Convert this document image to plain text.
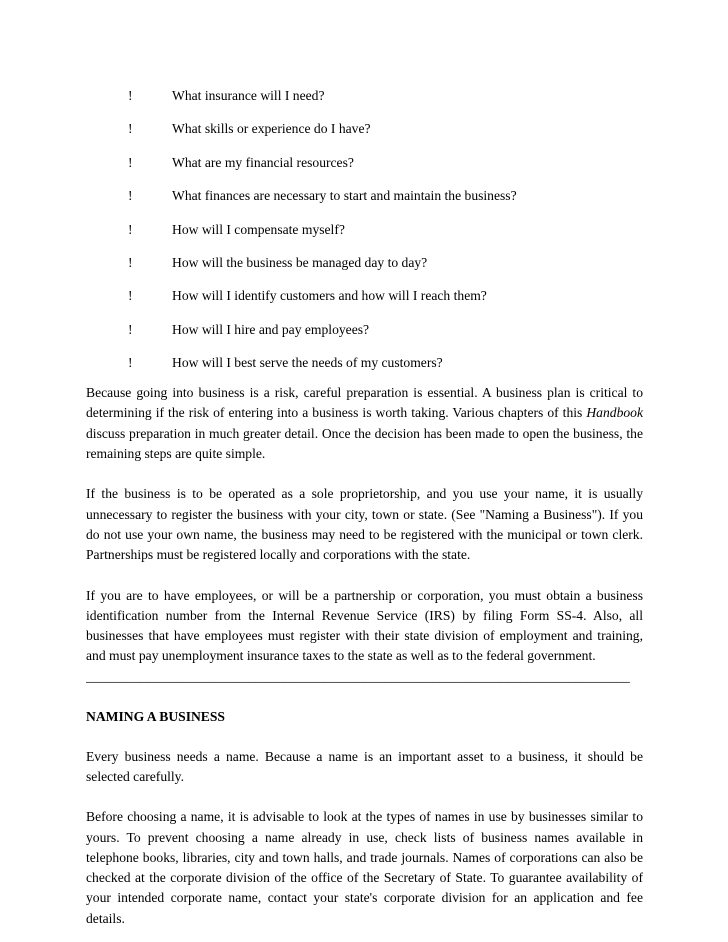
!	What insurance will I need?
!	What skills or experience do I have?
!	What are my financial resources?
!	What finances are necessary to start and maintain the business?
!	How will I compensate myself?
!	How will the business be managed day to day?
!	How will I identify customers and how will I reach them?
!	How will I hire and pay employees?
!	How will I best serve the needs of my customers?

Because going into business is a risk, careful preparation is essential. A business plan is critical to determining if the risk of entering into a business is worth taking. Various chapters of this Handbook discuss preparation in much greater detail. Once the decision has been made to open the business, the remaining steps are quite simple.

If the business is to be operated as a sole proprietorship, and you use your name, it is usually unnecessary to register the business with your city, town or state. (See "Naming a Business"). If you do not use your own name, the business may need to be registered with the municipal or town clerk. Partnerships must be registered locally and corporations with the state.

If you are to have employees, or will be a partnership or corporation, you must obtain a business identification number from the Internal Revenue Service (IRS) by filing Form SS-4. Also, all businesses that have employees must register with their state division of employment and training, and must pay unemployment insurance taxes to the state as well as to the federal government.

________________________________________________________________________________

NAMING A BUSINESS

Every business needs a name. Because a name is an important asset to a business, it should be selected carefully.

Before choosing a name, it is advisable to look at the types of names in use by businesses similar to yours. To prevent choosing a name already in use, check lists of business names available in telephone books, libraries, city and town halls, and trade journals. Names of corporations can also be checked at the corporate division of the office of the Secretary of State. To guarantee availability of your intended corporate name, contact your state's corporate division for an application and fee details.
